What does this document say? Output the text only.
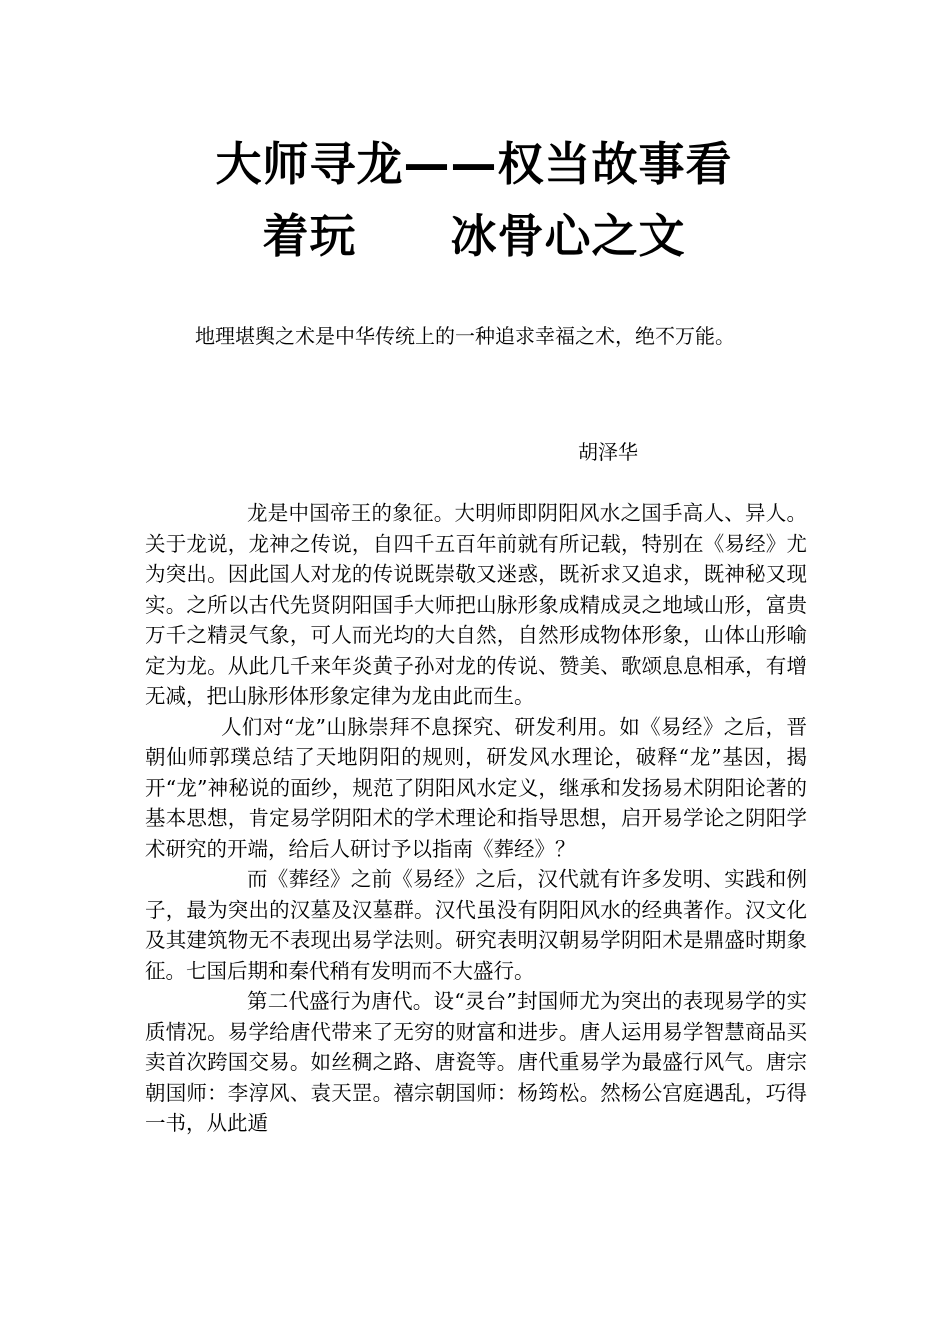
大师寻龙——权当故事看
着玩　　冰骨心之文

地理堪舆之术是中华传统上的一种追求幸福之术，绝不万能。

胡泽华

龙是中国帝王的象征。大明师即阴阳风水之国手高人、异人。关于龙说，龙神之传说，自四千五百年前就有所记载，特别在《易经》尤为突出。因此国人对龙的传说既崇敬又迷惑，既祈求又追求，既神秘又现实。之所以古代先贤阴阳国手大师把山脉形象成精成灵之地域山形，富贵万千之精灵气象，可人而光均的大自然，自然形成物体形象，山体山形喻定为龙。从此几千来年炎黄子孙对龙的传说、赞美、歌颂息息相承，有增无减，把山脉形体形象定律为龙由此而生。

人们对“龙”山脉崇拜不息探究、研发利用。如《易经》之后，晋朝仙师郭璞总结了天地阴阳的规则，研发风水理论，破释“龙”基因，揭开“龙”神秘说的面纱，规范了阴阳风水定义，继承和发扬易术阴阳论著的基本思想，肯定易学阴阳术的学术理论和指导思想，启开易学论之阴阳学术研究的开端，给后人研讨予以指南《葬经》？

而《葬经》之前《易经》之后，汉代就有许多发明、实践和例子，最为突出的汉墓及汉墓群。汉代虽没有阴阳风水的经典著作。汉文化及其建筑物无不表现出易学法则。研究表明汉朝易学阴阳术是鼎盛时期象征。七国后期和秦代稍有发明而不大盛行。

第二代盛行为唐代。设“灵台”封国师尤为突出的表现易学的实质情况。易学给唐代带来了无穷的财富和进步。唐人运用易学智慧商品买卖首次跨国交易。如丝稠之路、唐瓷等。唐代重易学为最盛行风气。唐宗朝国师：李淳风、袁天罡。禧宗朝国师：杨筠松。然杨公宫庭遇乱，巧得一书，从此遁
